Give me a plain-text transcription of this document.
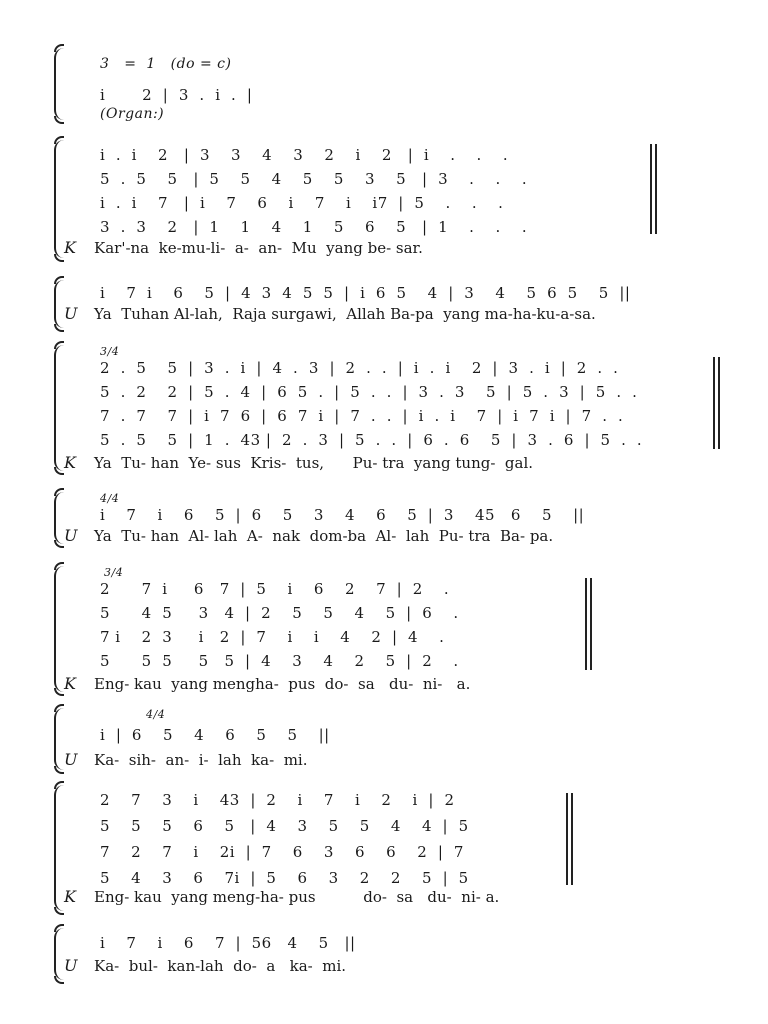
3   =  1   (do = c)
i       2  |  3  .  i  .  |
(Organ:)
i  .  i    2   |  3    3    4    3    2    i    2   |  i    .    .    .
5  .  5    5   |  5    5    4    5    5    3    5   |  3    .    .    .
i  .  i    7   |  i    7    6    i    7    i    i7  |  5    .    .    .
3  .  3    2   |  1    1    4    1    5    6    5   |  1    .    .    .
K Kar'-na  ke-mu-li-  a-  an-  Mu  yang be- sar.
i    7  i    6    5  |  4  3  4  5  5  |  i  6  5    4  |  3    4    5  6  5    5  ||
U Ya  Tuhan Al-lah,  Raja surgawi,  Allah Ba-pa  yang ma-ha-ku-a-sa.
3/4
2  .  5    5  |  3  .  i  |  4  .  3  |  2  .  .  |  i  .  i    2  |  3  .  i  |  2  .  .
5  .  2    2  |  5  .  4  |  6  5  .  |  5  .  .  |  3  .  3    5  |  5  .  3  |  5  .  .
7  .  7    7  |  i  7  6  |  6  7  i  |  7  .  .  |  i  .  i    7  |  i  7  i  |  7  .  .
5  .  5    5  |  1  .  43 |  2  .  3  |  5  .  .  |  6  .  6    5  |  3  .  6  |  5  .  .
K Ya  Tu- han  Ye- sus  Kris-  tus,      Pu- tra  yang tung-  gal.
4/4
i    7    i    6    5  |  6    5    3    4    6    5  |  3    45   6    5    ||
U Ya  Tu- han  Al- lah  A-  nak  dom-ba  Al-  lah  Pu- tra  Ba- pa.
3/4
2      7  i     6   7  |  5    i    6    2    7  |  2    .
5      4  5     3   4  |  2    5    5    4    5  |  6    .
7 i    2  3     i   2  |  7    i    i    4    2  |  4    .
5      5  5     5   5  |  4    3    4    2    5  |  2    .
K Eng- kau  yang mengha-  pus  do-  sa   du-  ni-   a.
4/4
i  |  6    5    4    6    5    5    ||
U Ka-  sih-  an-  i-  lah  ka-  mi.
2    7    3    i    43  |  2    i    7    i    2    i  |  2
5    5    5    6    5   |  4    3    5    5    4    4  |  5
7    2    7    i    2i  |  7    6    3    6    6    2  |  7
5    4    3    6    7i  |  5    6    3    2    2    5  |  5
K Eng- kau  yang meng-ha- pus          do-  sa   du-  ni- a.
i    7    i    6    7  |  56   4    5   ||
U Ka-  bul-  kan-lah  do-  a   ka-  mi.
